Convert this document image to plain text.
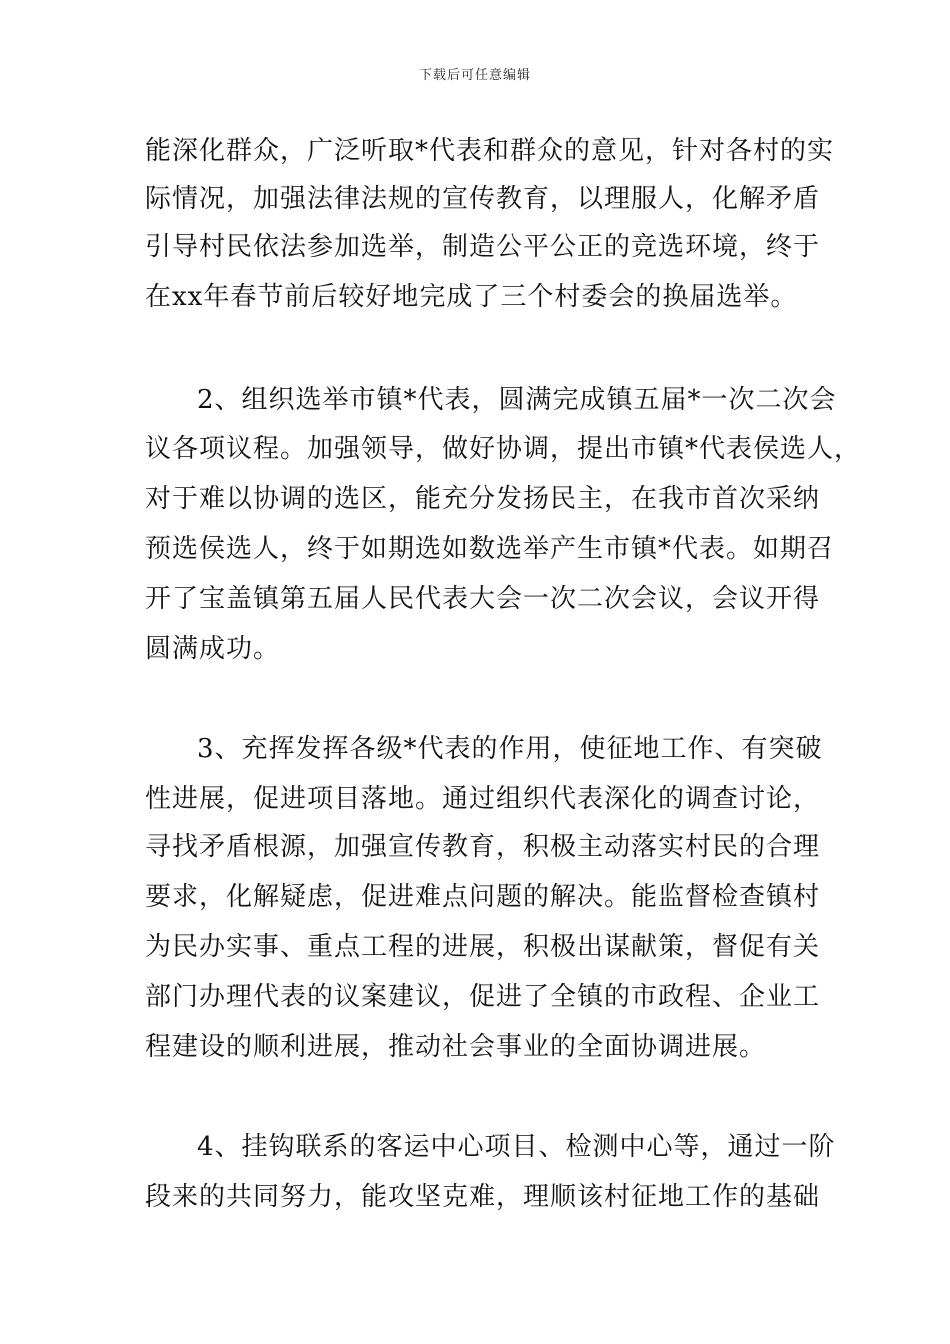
下载后可任意编辑
能深化群众，广泛听取*代表和群众的意见，针对各村的实
际情况，加强法律法规的宣传教育，以理服人，化解矛盾
引导村民依法参加选举，制造公平公正的竞选环境，终于
在xx年春节前后较好地完成了三个村委会的换届选举。
2、组织选举市镇*代表，圆满完成镇五届*一次二次会
议各项议程。加强领导，做好协调，提出市镇*代表侯选人，
对于难以协调的选区，能充分发扬民主，在我市首次采纳
预选侯选人，终于如期选如数选举产生市镇*代表。如期召
开了宝盖镇第五届人民代表大会一次二次会议，会议开得
圆满成功。
3、充挥发挥各级*代表的作用，使征地工作、有突破
性进展，促进项目落地。通过组织代表深化的调查讨论，
寻找矛盾根源，加强宣传教育，积极主动落实村民的合理
要求，化解疑虑，促进难点问题的解决。能监督检查镇村
为民办实事、重点工程的进展，积极出谋献策，督促有关
部门办理代表的议案建议，促进了全镇的市政程、企业工
程建设的顺利进展，推动社会事业的全面协调进展。
4、挂钩联系的客运中心项目、检测中心等，通过一阶
段来的共同努力，能攻坚克难，理顺该村征地工作的基础
